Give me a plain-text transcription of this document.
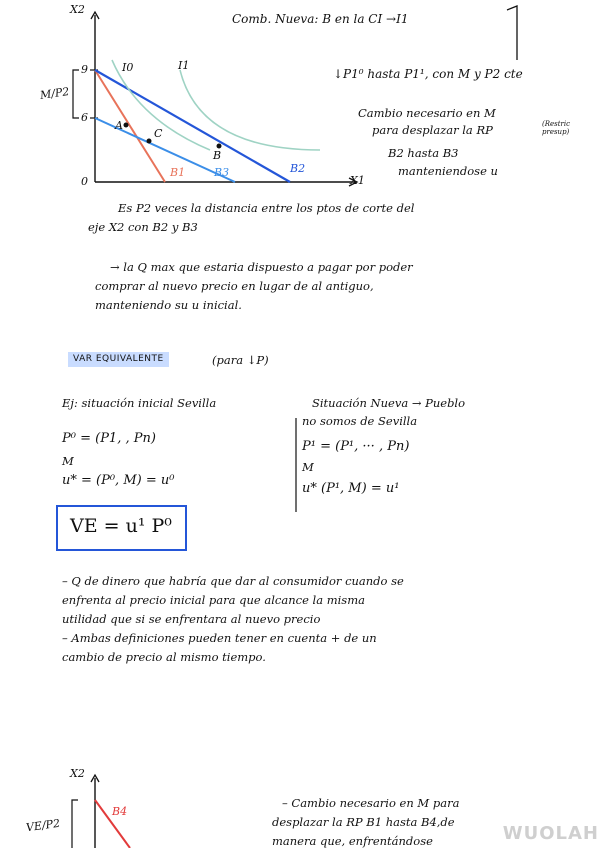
Comb. Nueva: B en la CI →I1
↓P1⁰ hasta P1¹, con M y P2 cte
Cambio necesario en M
para desplazar la RP	(Restric presup)
B2 hasta B3
manteniendose u
X2
X1
M/P2
9
6
0
I0	I1
A
C
B
B1	B3	B2
Es P2 veces la distancia entre los ptos de corte del
eje X2 con B2 y B3
→ la Q max que estaria dispuesto a pagar por poder
comprar al nuevo precio en lugar de al antiguo,
manteniendo su u inicial.
VAR EQUIVALENTE	(para ↓P)
Ej: situación inicial Sevilla
P⁰ = (P1, , Pn)
M
u* = (P⁰, M) = u⁰
Situación Nueva → Pueblo
no somos de Sevilla
P¹ = (P¹, ··· , Pn)
M
u* (P¹, M) = u¹
VE = u¹ P⁰
– Q de dinero que habría que dar al consumidor cuando se
enfrenta al precio inicial para que alcance la misma
utilidad que si se enfrentara al nuevo precio
– Ambas definiciones pueden tener en cuenta + de un
cambio de precio al mismo tiempo.
X2
VE/P2
B4
– Cambio necesario en M para
desplazar la RP B1 hasta B4,de
manera que, enfrentándose	WUOLAH
